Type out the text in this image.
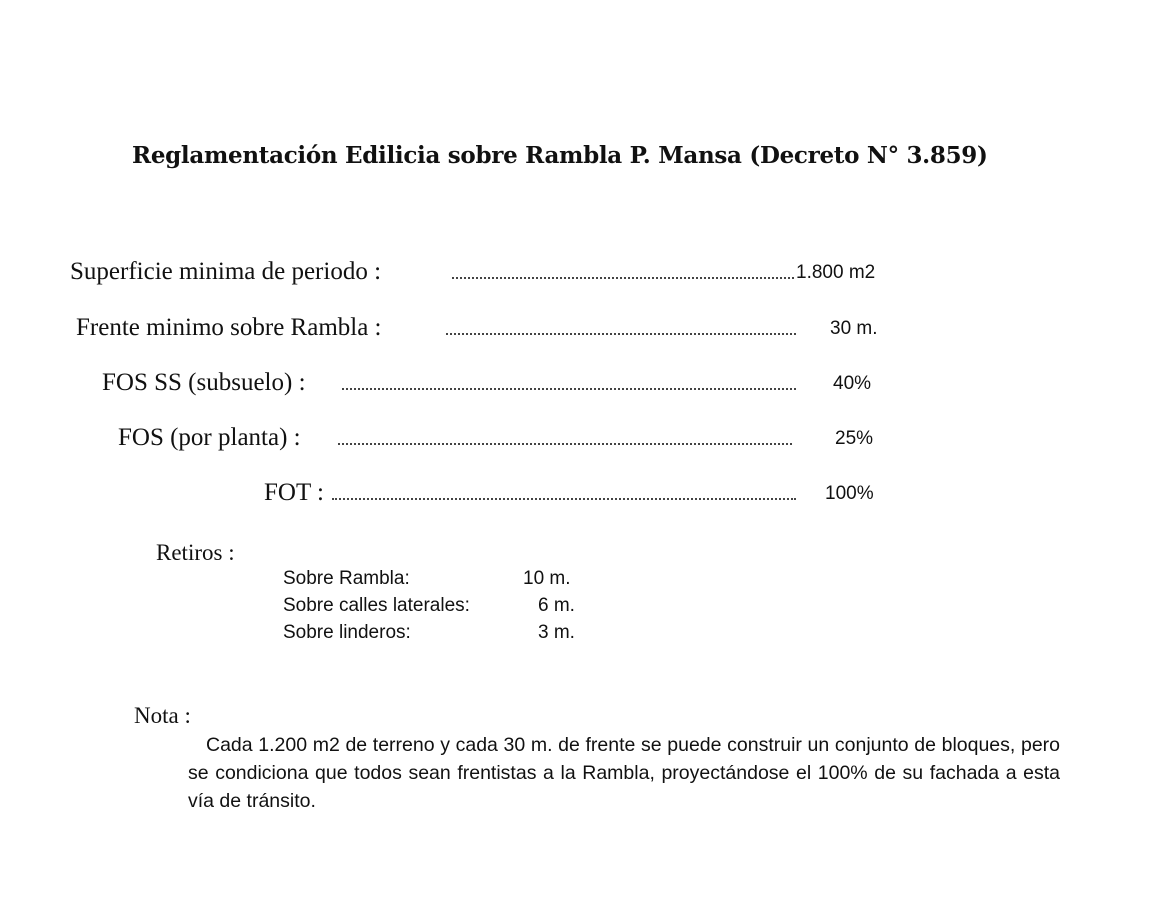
Reglamentación Edilicia sobre Rambla P. Mansa (Decreto N° 3.859)
Superficie minima de periodo :	1.800 m2
Frente minimo sobre Rambla :	30 m.
FOS SS (subsuelo) :	40%
FOS (por planta) :	25%
FOT :	100%
Retiros :
Sobre Rambla:	10 m.
Sobre calles laterales:	6 m.
Sobre linderos:	3 m.
Nota :
Cada 1.200 m2 de terreno y cada 30 m. de frente se puede construir un conjunto de bloques, pero se condiciona que todos sean frentistas a la Rambla, proyectándose el 100% de su fachada a esta vía de tránsito.
